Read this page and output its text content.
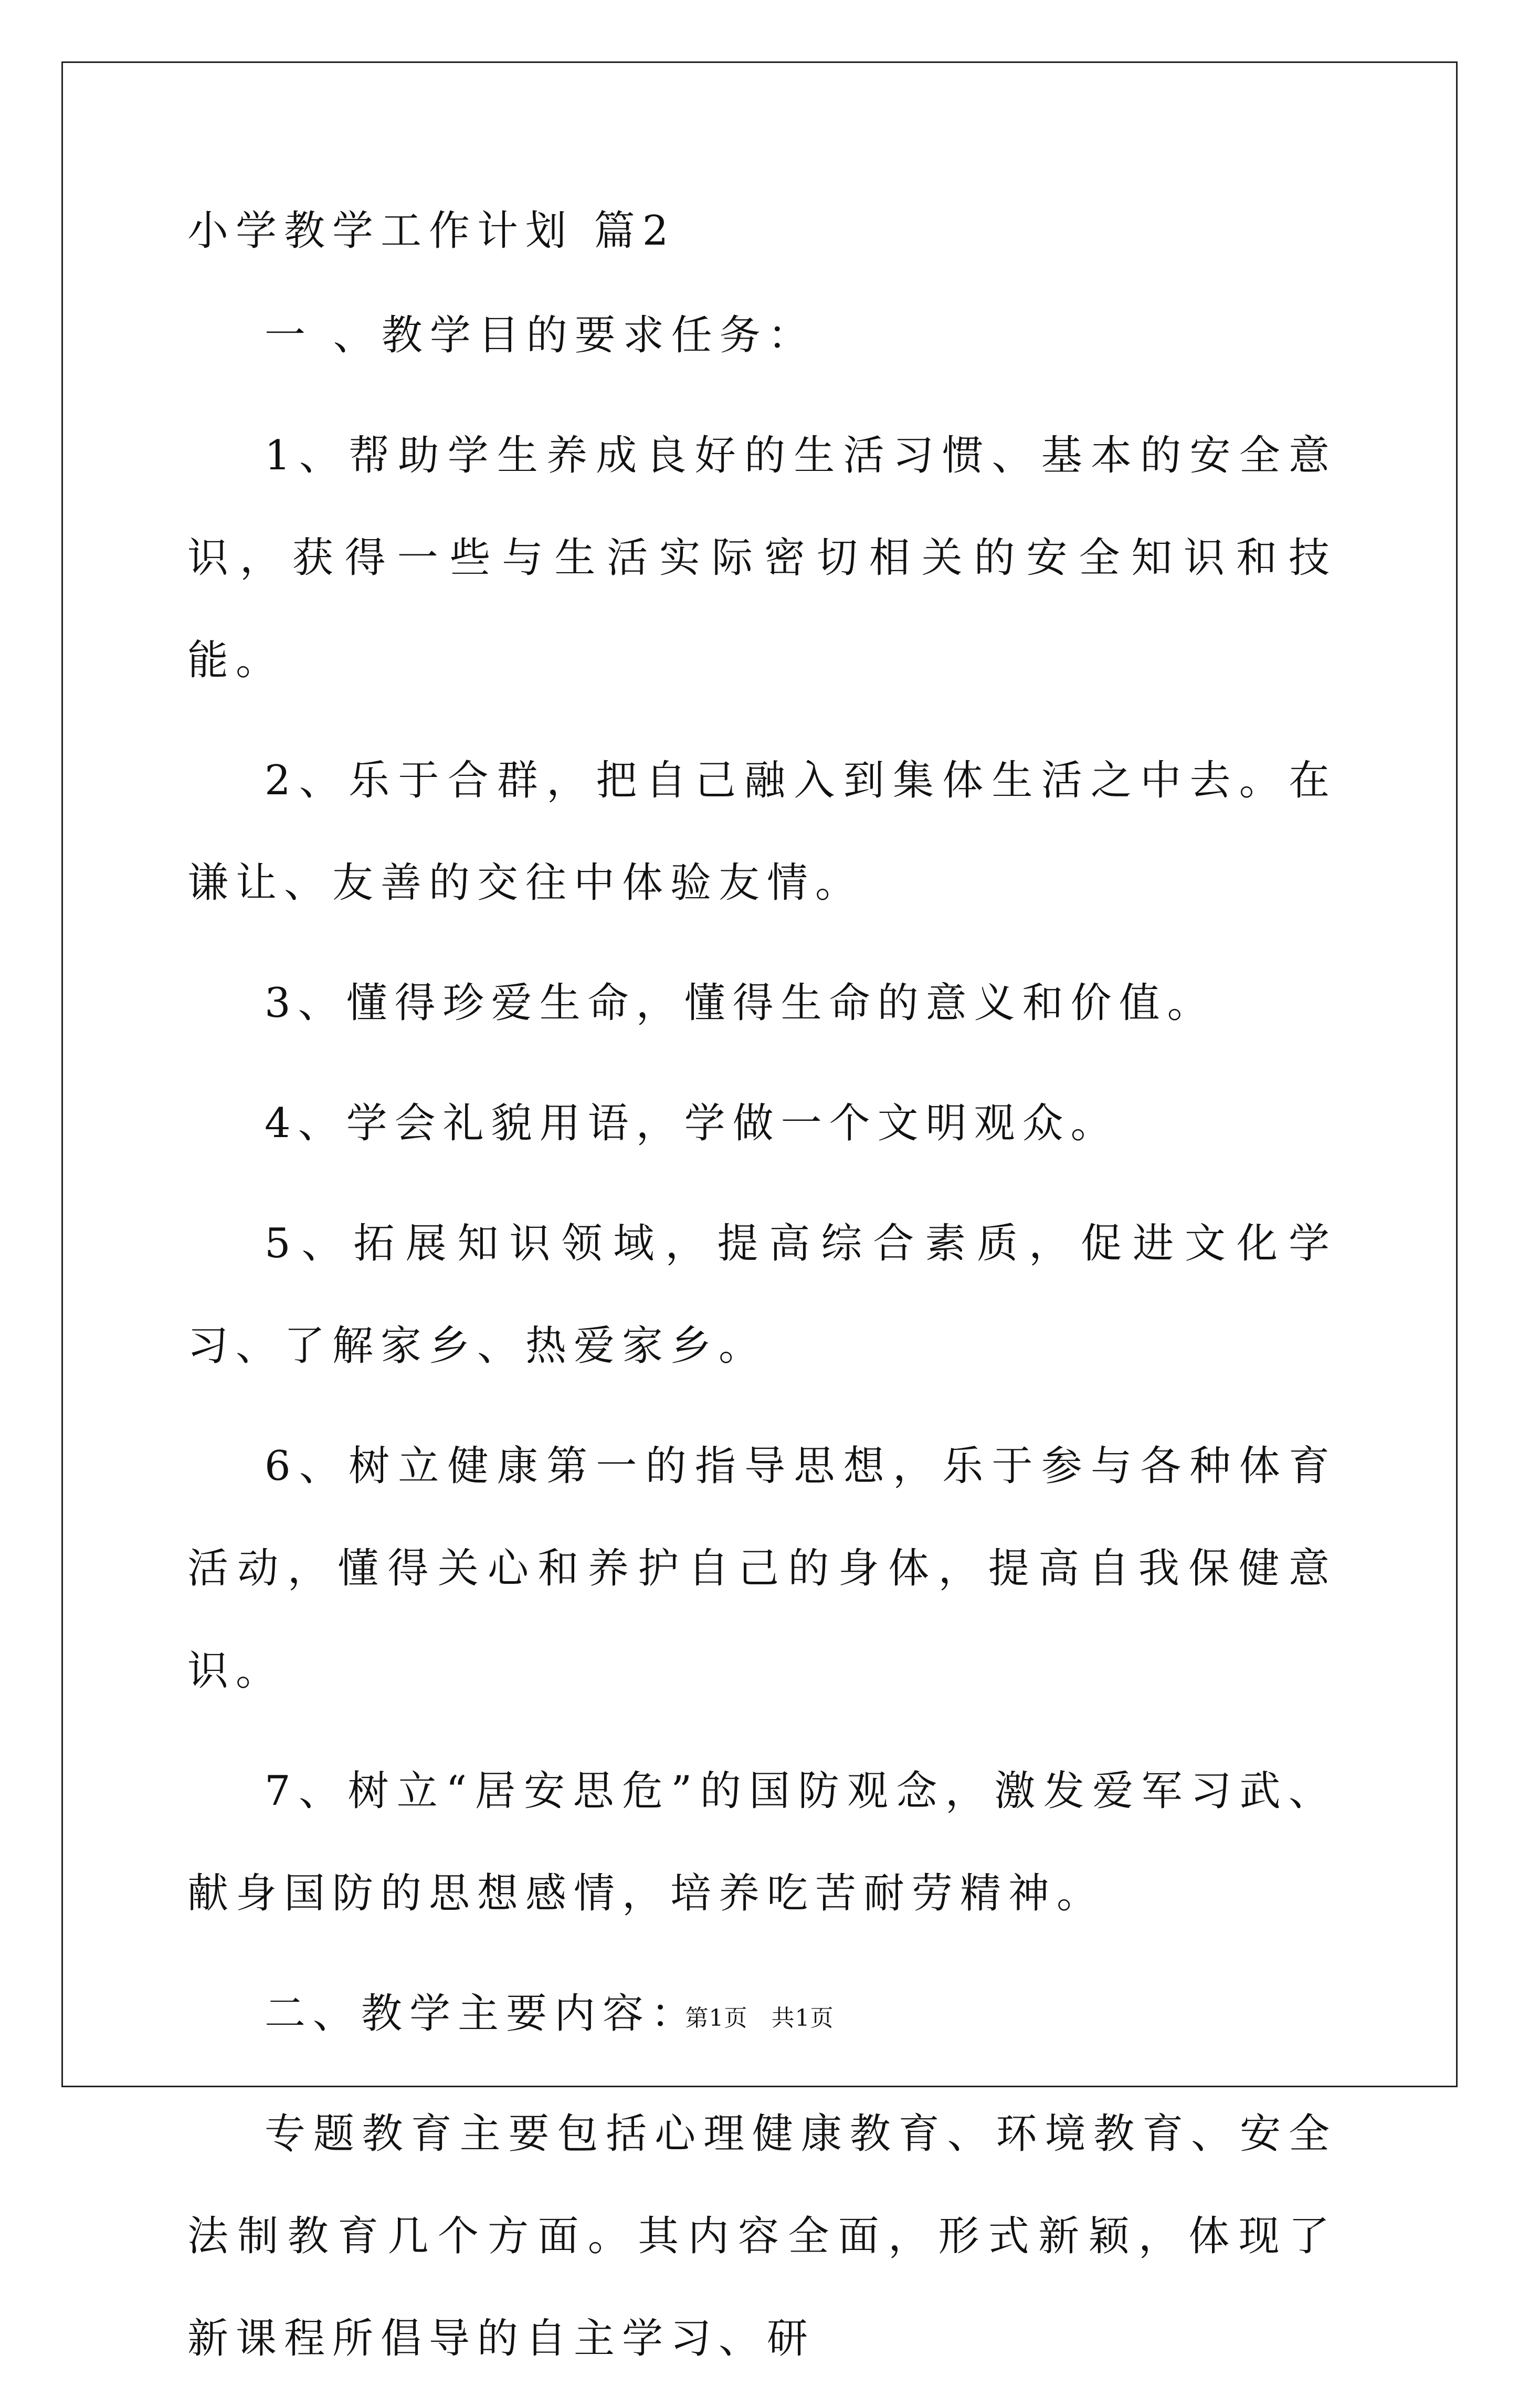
小学教学工作计划 篇2

一 、教学目的要求任务：

1、帮助学生养成良好的生活习惯、基本的安全意识，获得一些与生活实际密切相关的安全知识和技能。

2、乐于合群，把自己融入到集体生活之中去。在谦让、友善的交往中体验友情。

3、懂得珍爱生命，懂得生命的意义和价值。

4、学会礼貌用语，学做一个文明观众。

5、拓展知识领域，提高综合素质，促进文化学习、了解家乡、热爱家乡。

6、树立健康第一的指导思想，乐于参与各种体育活动，懂得关心和养护自己的身体，提高自我保健意识。

7、树立“居安思危”的国防观念，激发爱军习武、献身国防的思想感情，培养吃苦耐劳精神。

二、教学主要内容：

专题教育主要包括心理健康教育、环境教育、安全法制教育几个方面。其内容全面，形式新颖，体现了新课程所倡导的自主学习、研

第1页　共1页
